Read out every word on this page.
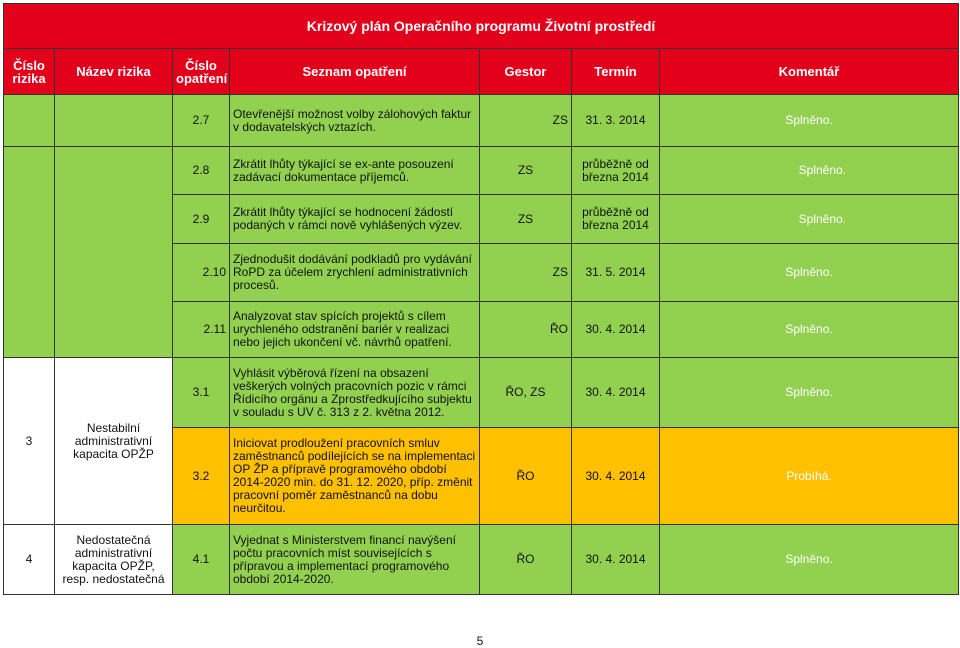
Krizový plán Operačního programu Životní prostředí						
Číslo rizika	Název rizika	Číslo opatření	Seznam opatření	Gestor	Termín	Komentář
		2.7	Otevřenější možnost volby zálohových faktur v dodavatelských vztazích.	ZS	31. 3. 2014	Splněno.
		2.8	Zkrátit lhůty týkající se ex-ante posouzení zadávací dokumentace příjemců.	ZS	průběžně od března 2014	Splněno.
		2.9	Zkrátit lhůty týkající se hodnocení žádostí podaných v rámci nově vyhlášených výzev.	ZS	průběžně od března 2014	Splněno.
		2.10	Zjednodušit dodávání podkladů pro vydávání RoPD za účelem zrychlení administrativních procesů.	ZS	31. 5. 2014	Splněno.
		2.11	Analyzovat stav spících projektů s cílem urychleného odstranění bariér v realizaci nebo jejich ukončení vč. návrhů opatření.	ŘO	30. 4. 2014	Splněno.
3	Nestabilní administrativní kapacita OPŽP	3.1	Vyhlásit výběrová řízení na obsazení veškerých volných pracovních pozic v rámci Řídicího orgánu a Zprostředkujícího subjektu v souladu s UV č. 313 z 2. května 2012.	ŘO, ZS	30. 4. 2014	Splněno.
		3.2	Iniciovat prodloužení pracovních smluv zaměstnanců podílejících se na implementaci OP ŽP a přípravě programového období 2014-2020 min. do 31. 12. 2020, příp. změnit pracovní poměr zaměstnanců na dobu neurčitou.	ŘO	30. 4. 2014	Probíhá.
4	Nedostatečná administrativní kapacita OPŽP, resp. nedostatečná	4.1	Vyjednat s Ministerstvem financí navýšení počtu pracovních míst souvisejících s přípravou a implementací programového období 2014-2020.	ŘO	30. 4. 2014	Splněno.
5
